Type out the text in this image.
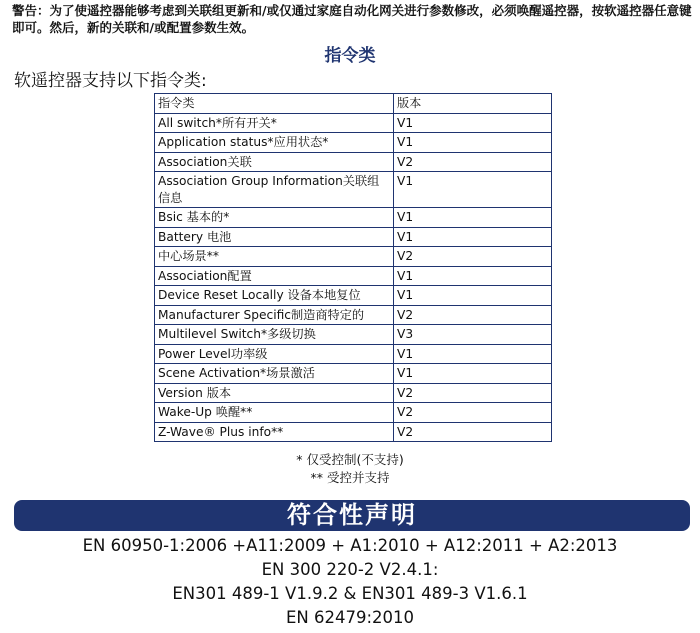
警告：为了使遥控器能够考虑到关联组更新和/或仅通过家庭自动化网关进行参数修改，必须唤醒遥控器，按软遥控器任意键即可。然后，新的关联和/或配置参数生效。
指令类
软遥控器支持以下指令类:
指令类	版本
All switch*所有开关*	V1
Application status*应用状态*	V1
Association关联	V2
Association Group Information关联组信息	V1
Bsic 基本的*	V1
Battery 电池	V1
中心场景**	V2
Association配置	V1
Device Reset Locally 设备本地复位	V1
Manufacturer Specific制造商特定的	V2
Multilevel Switch*多级切换	V3
Power Level功率级	V1
Scene Activation*场景激活	V1
Version 版本	V2
Wake-Up 唤醒**	V2
Z-Wave® Plus info**	V2
* 仅受控制(不支持)
** 受控并支持
符合性声明
EN 60950-1:2006 +A11:2009 + A1:2010 + A12:2011 + A2:2013
EN 300 220-2 V2.4.1:
EN301 489-1 V1.9.2 & EN301 489-3 V1.6.1
EN 62479:2010
